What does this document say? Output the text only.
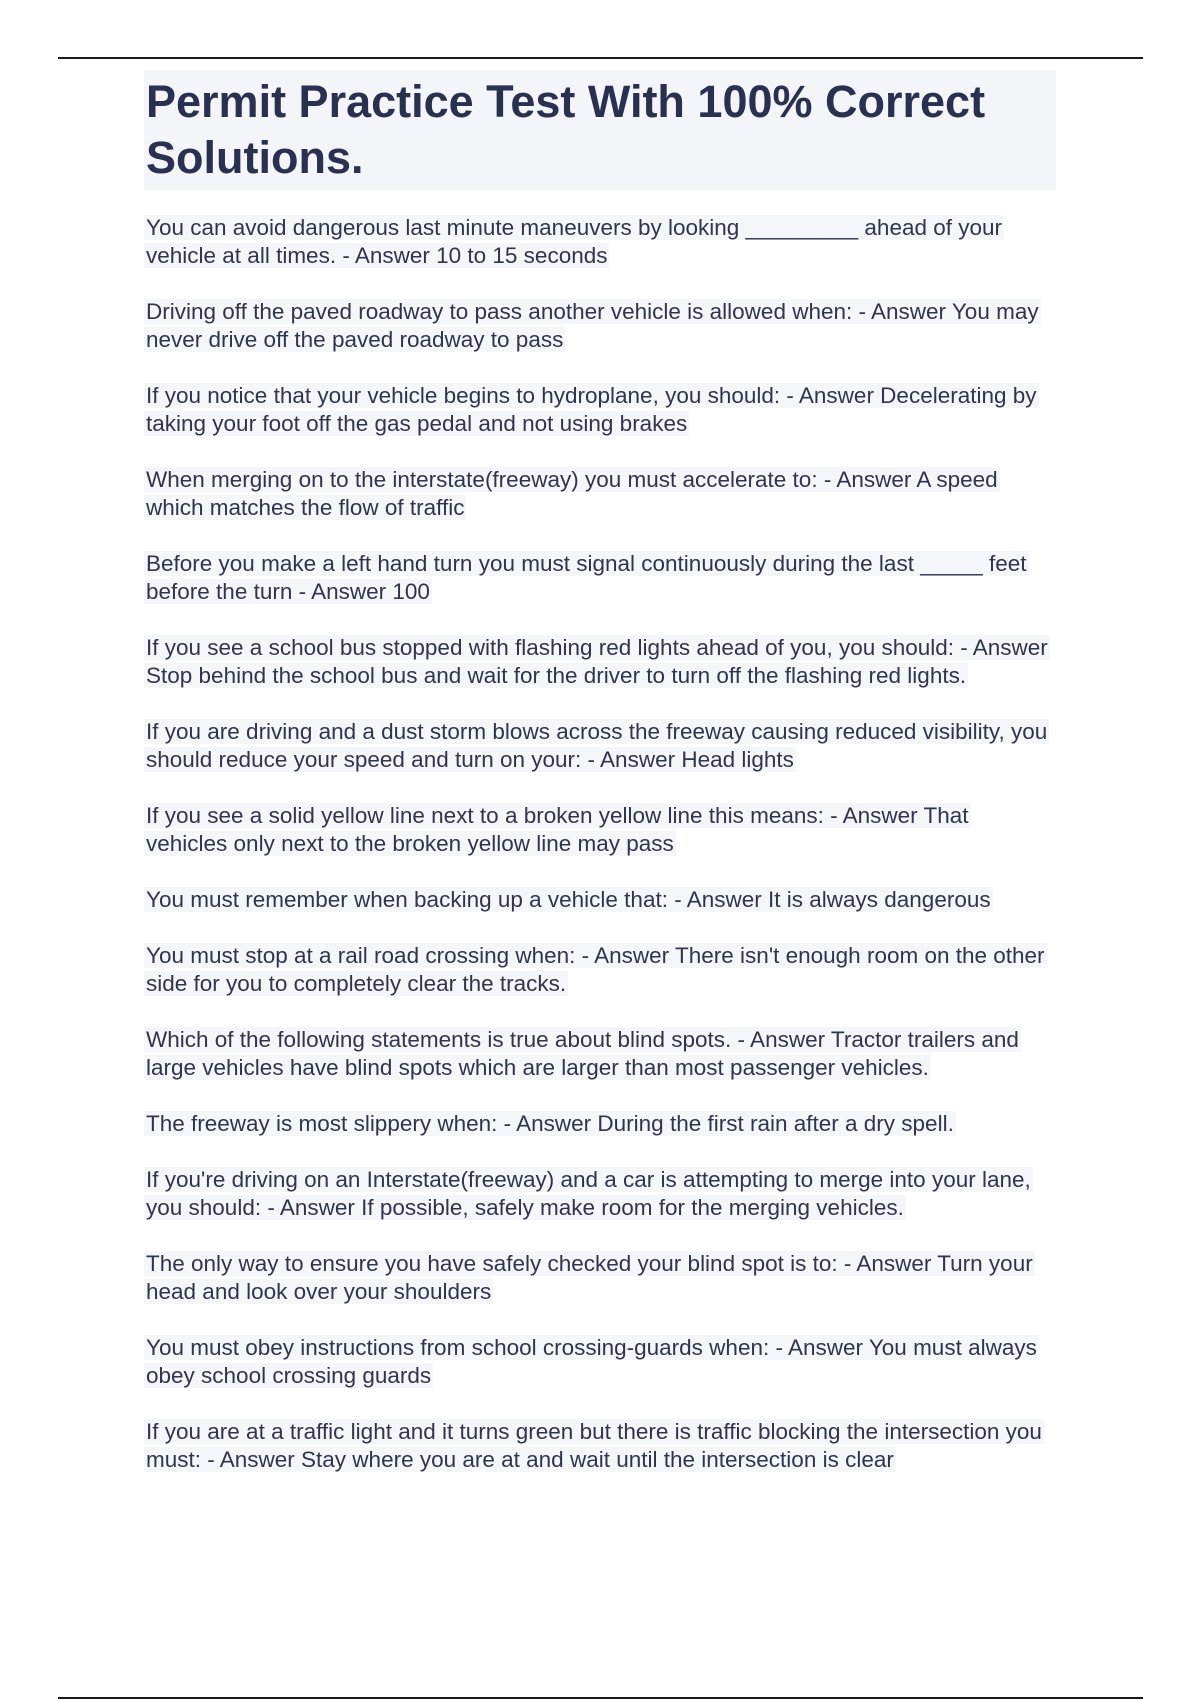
Permit Practice Test With 100% Correct Solutions.
You can avoid dangerous last minute maneuvers by looking _________ ahead of your vehicle at all times. - Answer 10 to 15 seconds
Driving off the paved roadway to pass another vehicle is allowed when: - Answer You may never drive off the paved roadway to pass
If you notice that your vehicle begins to hydroplane, you should: - Answer Decelerating by taking your foot off the gas pedal and not using brakes
When merging on to the interstate(freeway) you must accelerate to: - Answer A speed which matches the flow of traffic
Before you make a left hand turn you must signal continuously during the last _____ feet before the turn - Answer 100
If you see a school bus stopped with flashing red lights ahead of you, you should: - Answer Stop behind the school bus and wait for the driver to turn off the flashing red lights.
If you are driving and a dust storm blows across the freeway causing reduced visibility, you should reduce your speed and turn on your: - Answer Head lights
If you see a solid yellow line next to a broken yellow line this means: - Answer That vehicles only next to the broken yellow line may pass
You must remember when backing up a vehicle that: - Answer It is always dangerous
You must stop at a rail road crossing when: - Answer There isn't enough room on the other side for you to completely clear the tracks.
Which of the following statements is true about blind spots. - Answer Tractor trailers and large vehicles have blind spots which are larger than most passenger vehicles.
The freeway is most slippery when: - Answer During the first rain after a dry spell.
If you're driving on an Interstate(freeway) and a car is attempting to merge into your lane, you should: - Answer If possible, safely make room for the merging vehicles.
The only way to ensure you have safely checked your blind spot is to: - Answer Turn your head and look over your shoulders
You must obey instructions from school crossing-guards when: - Answer You must always obey school crossing guards
If you are at a traffic light and it turns green but there is traffic blocking the intersection you must: - Answer Stay where you are at and wait until the intersection is clear
